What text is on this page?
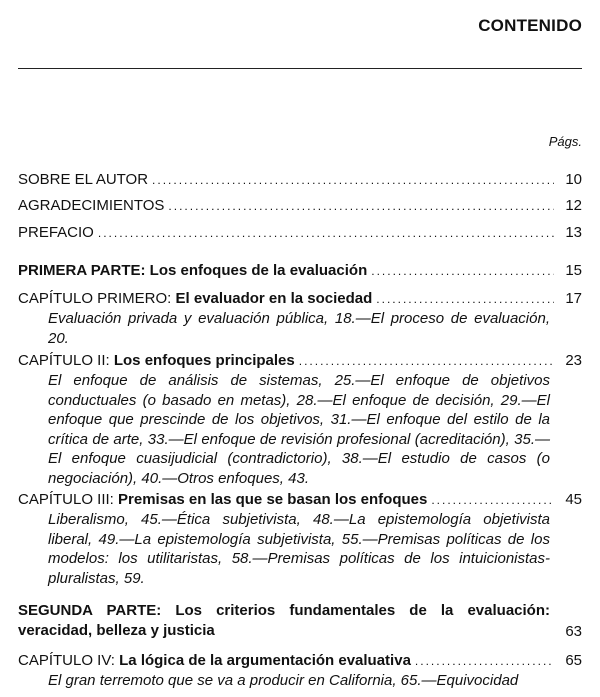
CONTENIDO
Págs.
SOBRE EL AUTOR .....	10
AGRADECIMIENTOS .....	12
PREFACIO .....	13
PRIMERA PARTE: Los enfoques de la evaluación .....	15
CAPÍTULO PRIMERO: El evaluador en la sociedad .....	17
Evaluación privada y evaluación pública, 18.—El proceso de evaluación, 20.
CAPÍTULO II: Los enfoques principales .....	23
El enfoque de análisis de sistemas, 25.—El enfoque de objetivos conductuales (o basado en metas), 28.—El enfoque de decisión, 29.—El enfoque que prescinde de los objetivos, 31.—El enfoque del estilo de la crítica de arte, 33.—El enfoque de revisión profesional (acreditación), 35.—El enfoque cuasijudicial (contradictorio), 38.—El estudio de casos (o negociación), 40.—Otros enfoques, 43.
CAPÍTULO III: Premisas en las que se basan los enfoques .....	45
Liberalismo, 45.—Ética subjetivista, 48.—La epistemología objetivista liberal, 49.—La epistemología subjetivista, 55.—Premisas políticas de los modelos: los utilitaristas, 58.—Premisas políticas de los intuicionistas-pluralistas, 59.
SEGUNDA PARTE: Los criterios fundamentales de la evaluación: veracidad, belleza y justicia	63
CAPÍTULO IV: La lógica de la argumentación evaluativa .....	65
El gran terremoto que se va a producir en California, 65.—Equivocidad
